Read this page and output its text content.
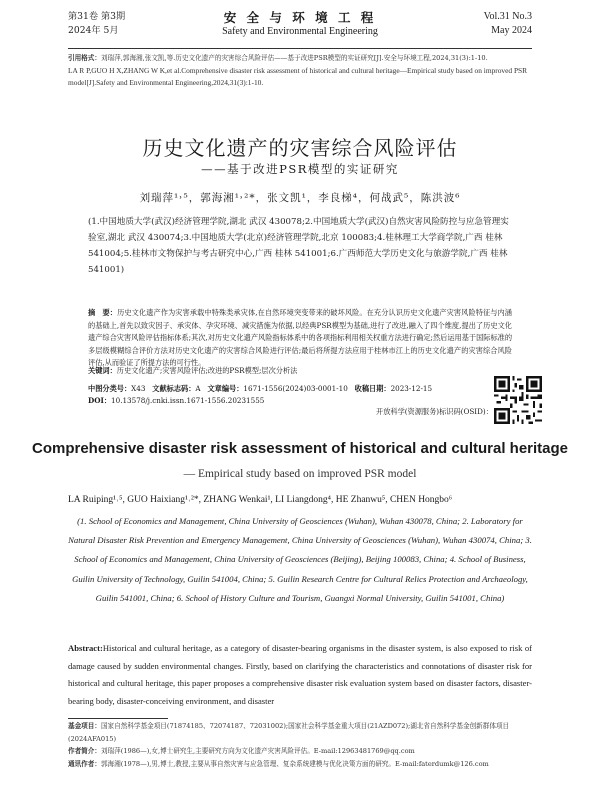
第31卷 第3期
2024年 5月
安 全 与 环 境 工 程
Safety and Environmental Engineering
Vol.31 No.3
May 2024
引用格式：刘瑞萍,郭海湘,张文凯,等.历史文化遗产的灾害综合风险评估——基于改进PSR模型的实证研究[J].安全与环境工程,2024,31(3):1-10.
LA R P,GUO H X,ZHANG W K,et al.Comprehensive disaster risk assessment of historical and cultural heritage—Empirical study based on improved PSR model[J].Safety and Environmental Engineering,2024,31(3):1-10.
历史文化遗产的灾害综合风险评估
——基于改进PSR模型的实证研究
刘瑞萍¹˒⁵，郭海湘¹˒²*，张文凯¹，李良梯⁴，何战武⁵，陈洪波⁶
(1.中国地质大学(武汉)经济管理学院,湖北 武汉 430078;2.中国地质大学(武汉)自然灾害风险防控与应急管理实验室,湖北 武汉 430074;3.中国地质大学(北京)经济管理学院,北京 100083;4.桂林理工大学商学院,广西 桂林 541004;5.桂林市文物保护与考古研究中心,广西 桂林 541001;6.广西师范大学历史文化与旅游学院,广西 桂林 541001)
摘　要：历史文化遗产作为灾害承载中特殊类承灾体,在自然环境突变带来的破坏风险。在充分认识历史文化遗产灾害风险特征与内涵的基础上,首先以致灾因子、承灾体、孕灾环境、减灾措施为依据,以经典PSR模型为基础,进行了改进,融入了四个维度,提出了历史文化遗产综合灾害风险评估指标体系;其次,对历史文化遗产风险指标体系中的各项指标利用相关权重方法进行确定;然后运用基于国际标准的多层级模糊综合评价方法对历史文化遗产的灾害综合风险进行评估;最后将所提方法应用于桂林市江上的历史文化遗产的灾害综合风险评估,从而验证了所提方法的可行性。
关键词：历史文化遗产;灾害风险评估;改进的PSR模型;层次分析法
中图分类号：X43 文献标志码：A 文章编号：1671-1556(2024)03-0001-10 收稿日期：2023-12-15
DOI：10.13578/j.cnki.issn.1671-1556.20231555
开放科学(资源服务)标识码(OSID)：
Comprehensive disaster risk assessment of historical and cultural heritage
— Empirical study based on improved PSR model
LA Ruiping¹˒⁵, GUO Haixiang¹˒²*, ZHANG Wenkai¹, LI Liangdong⁴, HE Zhanwu⁵, CHEN Hongbo⁶
(1. School of Economics and Management, China University of Geosciences (Wuhan), Wuhan 430078, China; 2. Laboratory for Natural Disaster Risk Prevention and Emergency Management, China University of Geosciences (Wuhan), Wuhan 430074, China; 3. School of Economics and Management, China University of Geosciences (Beijing), Beijing 100083, China; 4. School of Business, Guilin University of Technology, Guilin 541004, China; 5. Guilin Research Centre for Cultural Relics Protection and Archaeology, Guilin 541001, China; 6. School of History Culture and Tourism, Guangxi Normal University, Guilin 541001, China)
Abstract:Historical and cultural heritage, as a category of disaster-bearing organisms in the disaster system, is also exposed to risk of damage caused by sudden environmental changes. Firstly, based on clarifying the characteristics and connotations of disaster risk for historical and cultural heritage, this paper proposes a comprehensive disaster risk evaluation system based on disaster factors, disaster-bearing body, disaster-conceiving environment, and disaster
基金项目：国家自然科学基金项目(71874185、72074187、72031002);国家社会科学基金重大项目(21AZD072);湖北省自然科学基金创新群体项目(2024AFA015)
作者简介：刘瑞萍(1986—),女,博士研究生,主要研究方向为文化遗产灾害风险评估。E-mail:12963481769@qq.com
通讯作者：郭海湘(1978—),男,博士,教授,主要从事自然灾害与应急管理、复杂系统建模与优化决策方面的研究。E-mail:faterdumk@126.com
